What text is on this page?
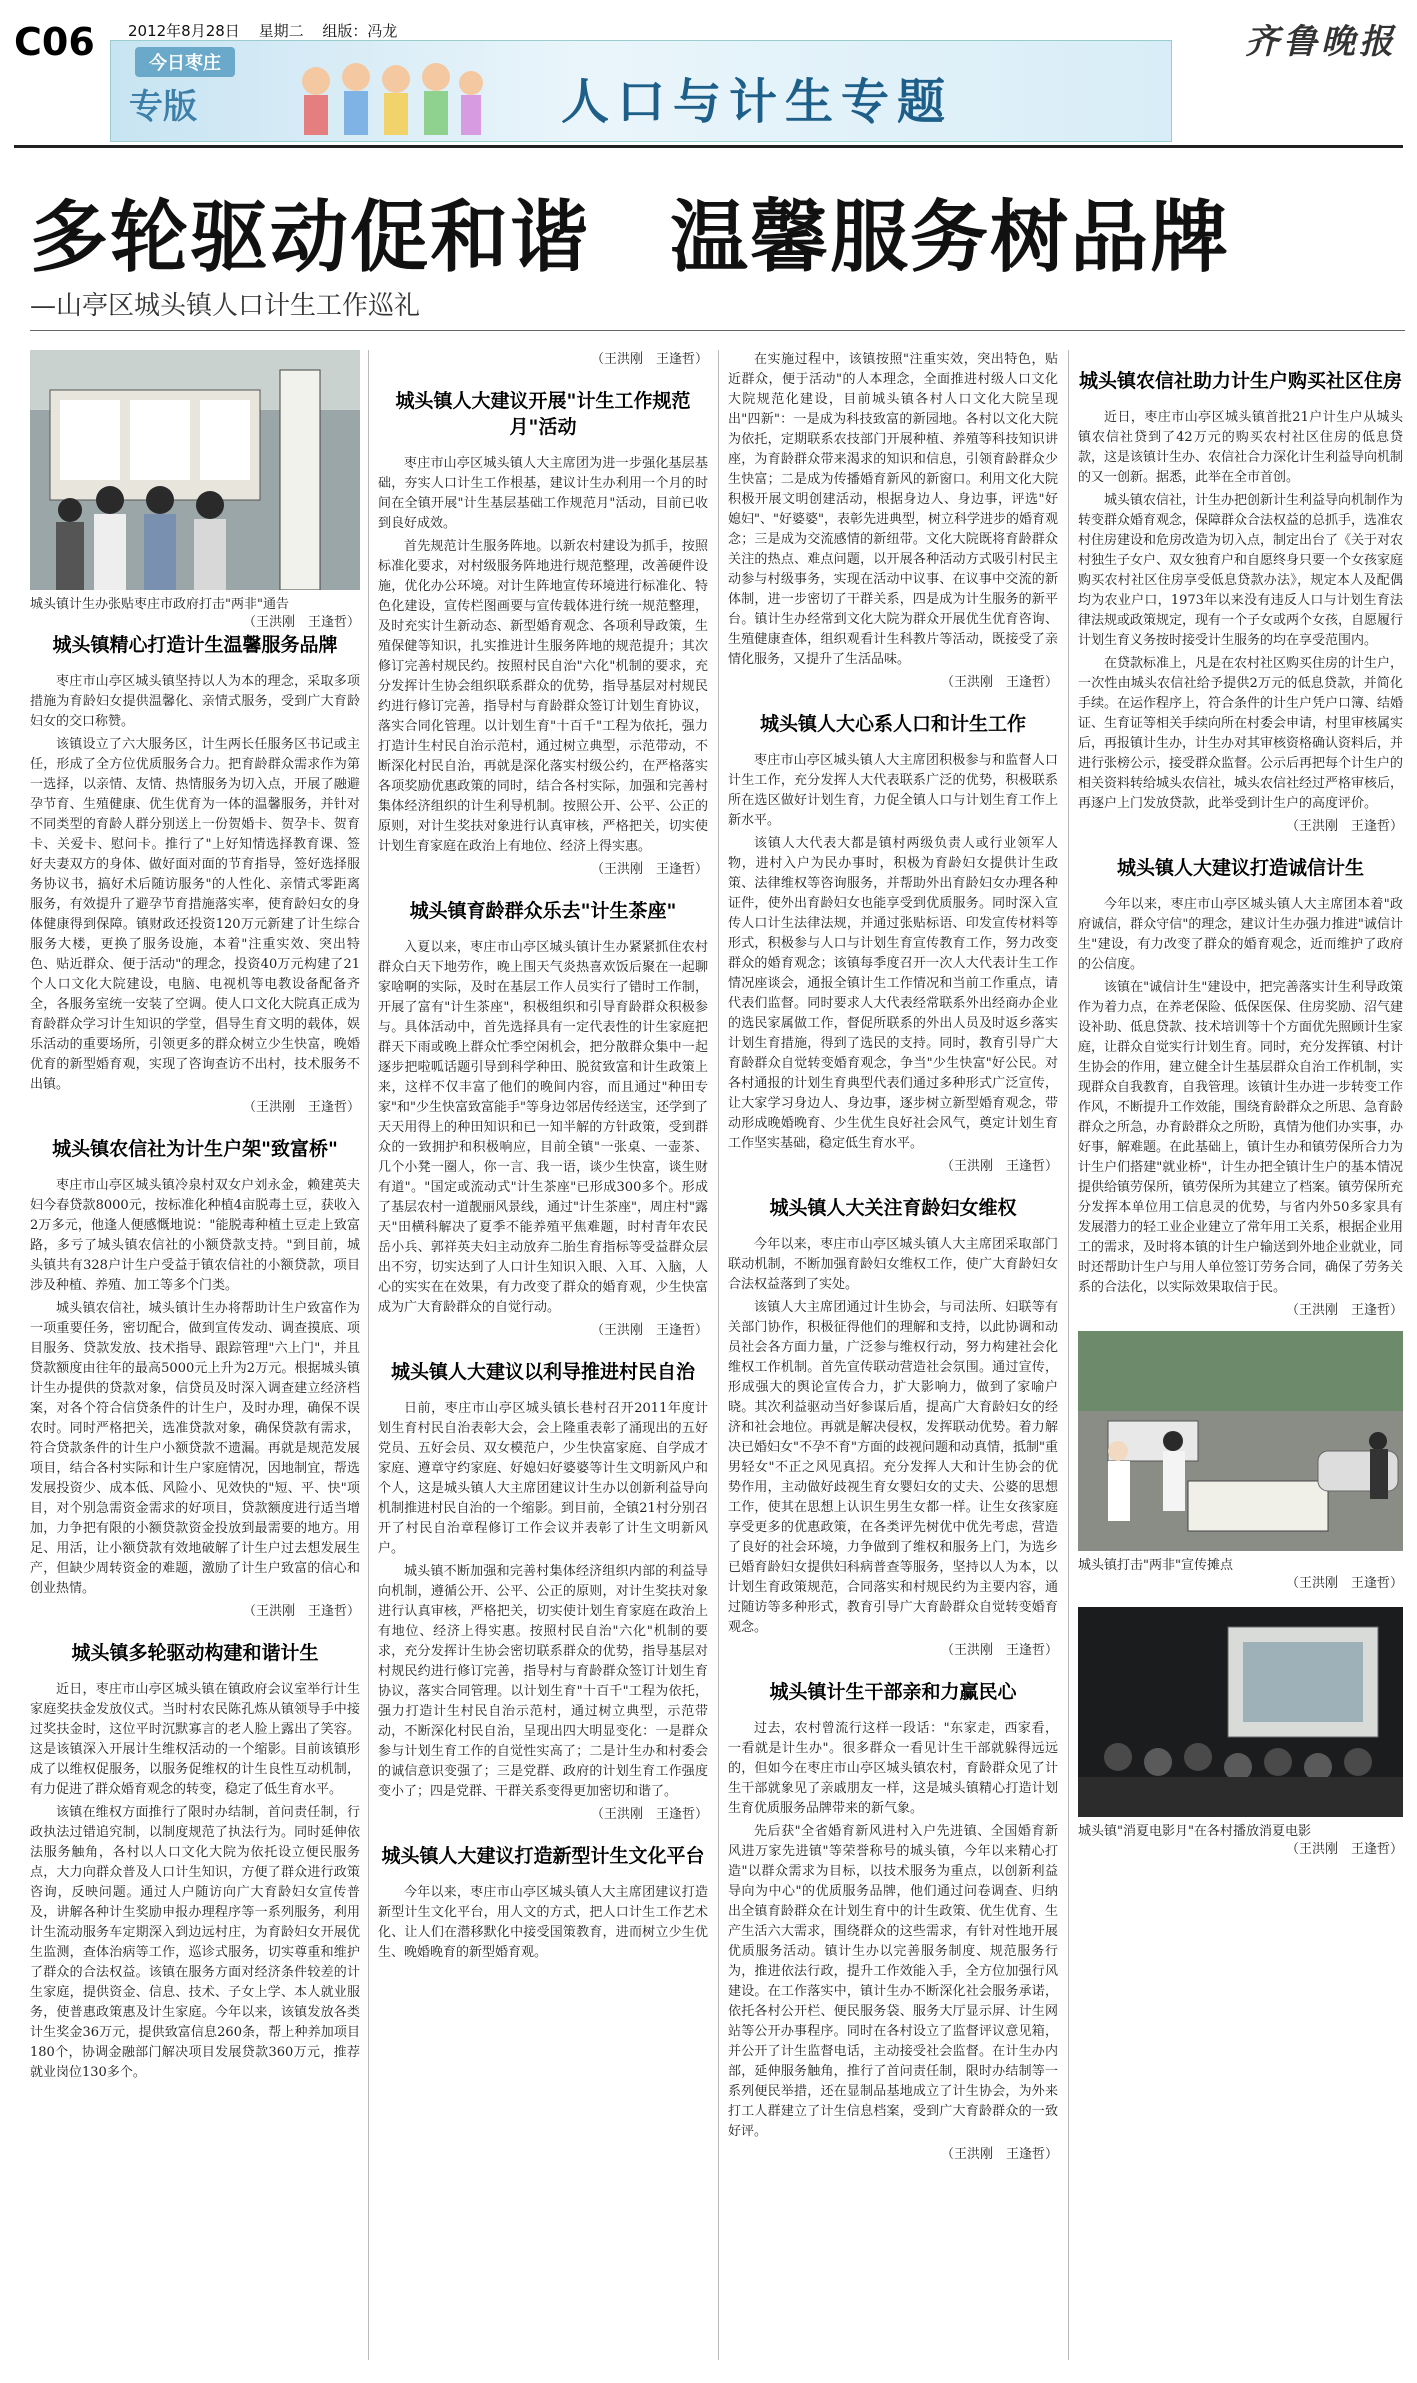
C06 2012年8月28日 星期二 组版：冯龙	齐鲁晚报
今日枣庄
专版	人口与计生专题
多轮驱动促和谐　温馨服务树品牌
—山亭区城头镇人口计生工作巡礼
城头镇计生办张贴枣庄市政府打击"两非"通告
（王洪刚　王逢哲）
城头镇精心打造计生温馨服务品牌

枣庄市山亭区城头镇坚持以人为本的理念，采取多项措施为育龄妇女提供温馨化、亲情式服务，受到广大育龄妇女的交口称赞。

该镇设立了六大服务区，计生两长任服务区书记或主任，形成了全方位优质服务合力。把育龄群众需求作为第一选择，以亲情、友情、热情服务为切入点，开展了融避孕节育、生殖健康、优生优育为一体的温馨服务，并针对不同类型的育龄人群分别送上一份贺婚卡、贺孕卡、贺育卡、关爱卡、慰问卡。推行了"上好知情选择教育课、签好夫妻双方的身体、做好面对面的节育指导，签好选择服务协议书，搞好术后随访服务"的人性化、亲情式零距离服务，有效提升了避孕节育措施落实率，使育龄妇女的身体健康得到保障。镇财政还投资120万元新建了计生综合服务大楼，更换了服务设施，本着"注重实效、突出特色、贴近群众、便于活动"的理念，投资40万元构建了21个人口文化大院建设，电脑、电视机等电教设备配备齐全，各服务室统一安装了空调。使人口文化大院真正成为育龄群众学习计生知识的学堂，倡导生育文明的载体，娱乐活动的重要场所，引领更多的群众树立少生快富，晚婚优育的新型婚育观，实现了咨询查访不出村，技术服务不出镇。

（王洪刚　王逢哲）
城头镇农信社为计生户架"致富桥"

枣庄市山亭区城头镇冷泉村双女户刘永金，赖建英夫妇今春贷款8000元，按标准化种植4亩脱毒土豆，获收入2万多元，他逢人便感慨地说："能脱毒种植土豆走上致富路，多亏了城头镇农信社的小额贷款支持。"到目前，城头镇共有328户计生户受益于镇农信社的小额贷款，项目涉及种植、养殖、加工等多个门类。

城头镇农信社，城头镇计生办将帮助计生户致富作为一项重要任务，密切配合，做到宣传发动、调查摸底、项目服务、贷款发放、技术指导、跟踪管理"六上门"，并且贷款额度由往年的最高5000元上升为2万元。根据城头镇计生办提供的贷款对象，信贷员及时深入调查建立经济档案，对各个符合信贷条件的计生户，及时办理，确保不误农时。同时严格把关，选准贷款对象，确保贷款有需求，符合贷款条件的计生户小额贷款不遗漏。再就是规范发展项目，结合各村实际和计生户家庭情况，因地制宜，帮选发展投资少、成本低、风险小、见效快的"短、平、快"项目，对个别急需资金需求的好项目，贷款额度进行适当增加，力争把有限的小额贷款资金投放到最需要的地方。用足、用活，让小额贷款有效地破解了计生户过去想发展生产，但缺少周转资金的难题，激励了计生户致富的信心和创业热情。

（王洪刚　王逢哲）
城头镇多轮驱动构建和谐计生

近日，枣庄市山亭区城头镇在镇政府会议室举行计生家庭奖扶金发放仪式。当时村农民陈孔炼从镇领导手中接过奖扶金时，这位平时沉默寡言的老人脸上露出了笑容。这是该镇深入开展计生维权活动的一个缩影。目前该镇形成了以维权促服务，以服务促维权的计生良性互动机制，有力促进了群众婚育观念的转变，稳定了低生育水平。

该镇在维权方面推行了限时办结制，首问责任制，行政执法过错追究制，以制度规范了执法行为。同时延伸依法服务触角，各村以人口文化大院为依托设立便民服务点，大力向群众普及人口计生知识，方便了群众进行政策咨询，反映问题。通过人户随访向广大育龄妇女宣传普及，讲解各种计生奖励申报办理程序等一系列服务，利用计生流动服务车定期深入到边远村庄，为育龄妇女开展优生监测，查体治病等工作，巡诊式服务，切实尊重和维护了群众的合法权益。该镇在服务方面对经济条件较差的计生家庭，提供资金、信息、技术、子女上学、本人就业服务，使普惠政策惠及计生家庭。今年以来，该镇发放各类计生奖金36万元，提供致富信息260条，帮上种养加项目180个，协调金融部门解决项目发展贷款360万元，推荐就业岗位130多个。

（王洪刚　王逢哲）
城头镇人大建议开展"计生工作规范月"活动

枣庄市山亭区城头镇人大主席团为进一步强化基层基础，夯实人口计生工作根基，建议计生办利用一个月的时间在全镇开展"计生基层基础工作规范月"活动，目前已收到良好成效。

首先规范计生服务阵地。以新农村建设为抓手，按照标准化要求，对村级服务阵地进行规范整理，改善硬件设施，优化办公环境。对计生阵地宣传环境进行标准化、特色化建设，宣传栏图画要与宣传载体进行统一规范整理，及时充实计生新动态、新型婚育观念、各项利导政策，生殖保健等知识，扎实推进计生服务阵地的规范提升；其次修订完善村规民约。按照村民自治"六化"机制的要求，充分发挥计生协会组织联系群众的优势，指导基层对村规民约进行修订完善，指导村与育龄群众签订计划生育协议，落实合同化管理。以计划生育"十百千"工程为依托，强力打造计生村民自治示范村，通过树立典型，示范带动，不断深化村民自治，再就是深化落实村级公约，在严格落实各项奖励优惠政策的同时，结合各村实际，加强和完善村集体经济组织的计生利导机制。按照公开、公平、公正的原则，对计生奖扶对象进行认真审核，严格把关，切实使计划生育家庭在政治上有地位、经济上得实惠。

（王洪刚　王逢哲）
城头镇育龄群众乐去"计生茶座"

入夏以来，枣庄市山亭区城头镇计生办紧紧抓住农村群众白天下地劳作，晚上围天气炎热喜欢饭后聚在一起聊家啥啊的实际，及时在基层工作人员实行了错时工作制，开展了富有"计生茶座"，积极组织和引导育龄群众积极参与。具体活动中，首先选择具有一定代表性的计生家庭把群天下雨或晚上群众忙季空闲机会，把分散群众集中一起逐步把啦呱话题引导到科学种田、脱贫致富和计生政策上来，这样不仅丰富了他们的晚间内容，而且通过"种田专家"和"少生快富致富能手"等身边邻居传经送宝，还学到了天天用得上的种田知识和已一知半解的方针政策，受到群众的一致拥护和积极响应，目前全镇"一张桌、一壶茶、几个小凳一圈人，你一言、我一语，谈少生快富，谈生财有道"。"国定或流动式"计生茶座"已形成300多个。形成了基层农村一道靓丽风景线，通过"计生茶座"，周庄村"露天"田横科解决了夏季不能养殖平焦难题，时村青年农民岳小兵、郭祥英夫妇主动放弃二胎生育指标等受益群众层出不穷，切实达到了人口计生知识入眼、入耳、入脑，人心的实实在在效果，有力改变了群众的婚育观，少生快富成为广大育龄群众的自觉行动。

（王洪刚　王逢哲）
城头镇人大建议以利导推进村民自治

日前，枣庄市山亭区城头镇长巷村召开2011年度计划生育村民自治表彰大会，会上隆重表彰了涌现出的五好党员、五好会员、双女模范户，少生快富家庭、自学成才家庭、遵章守约家庭、好媳妇好婆婆等计生文明新风户和个人，这是城头镇人大主席团建议计生办以创新利益导向机制推进村民自治的一个缩影。到目前，全镇21村分别召开了村民自治章程修订工作会议并表彰了计生文明新风户。

城头镇不断加强和完善村集体经济组织内部的利益导向机制，遵循公开、公平、公正的原则，对计生奖扶对象进行认真审核，严格把关，切实使计划生育家庭在政治上有地位、经济上得实惠。按照村民自治"六化"机制的要求，充分发挥计生协会密切联系群众的优势，指导基层对村规民约进行修订完善，指导村与育龄群众签订计划生育协议，落实合同管理。以计划生育"十百千"工程为依托，强力打造计生村民自治示范村，通过树立典型，示范带动，不断深化村民自治，呈现出四大明显变化：一是群众参与计划生育工作的自觉性实高了；二是计生办和村委会的诚信意识变强了；三是党群、政府的计划生育工作强度变小了；四是党群、干群关系变得更加密切和谐了。

（王洪刚　王逢哲）
城头镇人大建议打造新型计生文化平台

今年以来，枣庄市山亭区城头镇人大主席团建议打造新型计生文化平台，用人文的方式，把人口计生工作艺术化、让人们在潜移默化中接受国策教育，进而树立少生优生、晚婚晚育的新型婚育观。

在实施过程中，该镇按照"注重实效，突出特色，贴近群众，便于活动"的人本理念，全面推进村级人口文化大院规范化建设，目前城头镇各村人口文化大院呈现出"四新"：一是成为科技致富的新园地。各村以文化大院为依托，定期联系农技部门开展种植、养殖等科技知识讲座，为育龄群众带来渴求的知识和信息，引领育龄群众少生快富；二是成为传播婚育新风的新窗口。利用文化大院积极开展文明创建活动，根据身边人、身边事，评选"好媳妇"、"好婆婆"，表彰先进典型，树立科学进步的婚育观念；三是成为交流感情的新纽带。文化大院既将育龄群众关注的热点、难点问题，以开展各种活动方式吸引村民主动参与村级事务，实现在活动中议事、在议事中交流的新体制，进一步密切了干群关系，四是成为计生服务的新平台。镇计生办经常到文化大院为群众开展优生优育咨询、生殖健康查体，组织观看计生科教片等活动，既接受了亲情化服务，又提升了生活品味。

（王洪刚　王逢哲）
城头镇人大心系人口和计生工作

枣庄市山亭区城头镇人大主席团积极参与和监督人口计生工作，充分发挥人大代表联系广泛的优势，积极联系所在选区做好计划生育，力促全镇人口与计划生育工作上新水平。

该镇人大代表大都是镇村两级负责人或行业领军人物，进村入户为民办事时，积极为育龄妇女提供计生政策、法律维权等咨询服务，并帮助外出育龄妇女办理各种证件，使外出育龄妇女也能享受到优质服务。同时深入宣传人口计生法律法规，并通过张贴标语、印发宣传材料等形式，积极参与人口与计划生育宣传教育工作，努力改变群众的婚育观念；该镇每季度召开一次人大代表计生工作情况座谈会，通报全镇计生工作情况和当前工作重点，请代表们监督。同时要求人大代表经常联系外出经商办企业的选民家属做工作，督促所联系的外出人员及时返乡落实计划生育措施，得到了选民的支持。同时，教育引导广大育龄群众自觉转变婚育观念，争当"少生快富"好公民。对各村通报的计划生育典型代表们通过多种形式广泛宣传，让大家学习身边人、身边事，逐步树立新型婚育观念，带动形成晚婚晚育、少生优生良好社会风气，奠定计划生育工作坚实基础，稳定低生育水平。

（王洪刚　王逢哲）
城头镇人大关注育龄妇女维权

今年以来，枣庄市山亭区城头镇人大主席团采取部门联动机制，不断加强育龄妇女维权工作，使广大育龄妇女合法权益落到了实处。

该镇人大主席团通过计生协会，与司法所、妇联等有关部门协作，积极征得他们的理解和支持，以此协调和动员社会各方面力量，广泛参与维权行动，努力构建社会化维权工作机制。首先宣传联动营造社会氛围。通过宣传，形成强大的舆论宣传合力，扩大影响力，做到了家喻户晓。其次利益驱动当好参谋后盾，提高广大育龄妇女的经济和社会地位。再就是解决侵权，发挥联动优势。着力解决已婚妇女"不孕不育"方面的歧视问题和动真情，抵制"重男轻女"不正之风见真招。充分发挥人大和计生协会的优势作用，主动做好歧视生育女婴妇女的丈夫、公婆的思想工作，使其在思想上认识生男生女都一样。让生女孩家庭享受更多的优惠政策，在各类评先树优中优先考虑，营造了良好的社会环境，力争做到了维权和服务上门，为选乡已婚育龄妇女提供妇科病普查等服务，坚持以人为本，以计划生育政策规范，合同落实和村规民约为主要内容，通过随访等多种形式，教育引导广大育龄群众自觉转变婚育观念。

（王洪刚　王逢哲）
城头镇计生干部亲和力赢民心

过去，农村曾流行这样一段话："东家走，西家看，一看就是计生办"。很多群众一看见计生干部就躲得远远的，但如今在枣庄市山亭区城头镇农村，育龄群众见了计生干部就象见了亲戚朋友一样，这是城头镇精心打造计划生育优质服务品牌带来的新气象。

先后获"全省婚育新风进村入户先进镇、全国婚育新风进万家先进镇"等荣誉称号的城头镇，今年以来精心打造"以群众需求为目标，以技术服务为重点，以创新利益导向为中心"的优质服务品牌，他们通过问卷调查、归纳出全镇育龄群众在计划生育中的计生政策、优生优育、生产生活六大需求，围绕群众的这些需求，有针对性地开展优质服务活动。镇计生办以完善服务制度、规范服务行为，推进依法行政，提升工作效能入手，全方位加强行风建设。在工作落实中，镇计生办不断深化社会服务承诺，依托各村公开栏、便民服务袋、服务大厅显示屏、计生网站等公开办事程序。同时在各村设立了监督评议意见箱，并公开了计生监督电话，主动接受社会监督。在计生办内部，延伸服务触角，推行了首问责任制，限时办结制等一系列便民举措，还在显制品基地成立了计生协会，为外来打工人群建立了计生信息档案，受到广大育龄群众的一致好评。

（王洪刚　王逢哲）
城头镇农信社助力计生户购买社区住房

近日，枣庄市山亭区城头镇首批21户计生户从城头镇农信社贷到了42万元的购买农村社区住房的低息贷款，这是该镇计生办、农信社合力深化计生利益导向机制的又一创新。据悉，此举在全市首创。

城头镇农信社，计生办把创新计生利益导向机制作为转变群众婚育观念，保障群众合法权益的总抓手，选准农村住房建设和危房改造为切入点，制定出台了《关于对农村独生子女户、双女独育户和自愿终身只要一个女孩家庭购买农村社区住房享受低息贷款办法》，规定本人及配偶均为农业户口，1973年以来没有违反人口与计划生育法律法规或政策规定，现有一个子女或两个女孩，自愿履行计划生育义务按时接受计生服务的均在享受范围内。

在贷款标准上，凡是在农村社区购买住房的计生户，一次性由城头农信社给予提供2万元的低息贷款，并简化手续。在运作程序上，符合条件的计生户凭户口簿、结婚证、生育证等相关手续向所在村委会申请，村里审核属实后，再报镇计生办，计生办对其审核资格确认资料后，并进行张榜公示，接受群众监督。公示后再把每个计生户的相关资料转给城头农信社，城头农信社经过严格审核后，再逐户上门发放贷款，此举受到计生户的高度评价。

（王洪刚　王逢哲）
城头镇人大建议打造诚信计生

今年以来，枣庄市山亭区城头镇人大主席团本着"政府诚信，群众守信"的理念，建议计生办强力推进"诚信计生"建设，有力改变了群众的婚育观念，近而维护了政府的公信度。

该镇在"诚信计生"建设中，把完善落实计生利导政策作为着力点，在养老保险、低保医保、住房奖励、沼气建设补助、低息贷款、技术培训等十个方面优先照顾计生家庭，让群众自觉实行计划生育。同时，充分发挥镇、村计生协会的作用，建立健全计生基层群众自治工作机制，实现群众自我教育，自我管理。该镇计生办进一步转变工作作风，不断提升工作效能，围绕育龄群众之所思、急育龄群众之所急，办育龄群众之所盼，真情为他们办实事，办好事，解难题。在此基础上，镇计生办和镇劳保所合力为计生户们搭建"就业桥"，计生办把全镇计生户的基本情况提供给镇劳保所，镇劳保所为其建立了档案。镇劳保所充分发挥本单位用工信息灵的优势，与省内外50多家具有发展潜力的轻工业企业建立了常年用工关系，根据企业用工的需求，及时将本镇的计生户输送到外地企业就业，同时还帮助计生户与用人单位签订劳务合同，确保了劳务关系的合法化，以实际效果取信于民。

（王洪刚　王逢哲）
城头镇打击"两非"宣传摊点

（王洪刚　王逢哲）

城头镇"消夏电影月"在各村播放消夏电影
（王洪刚　王逢哲）
